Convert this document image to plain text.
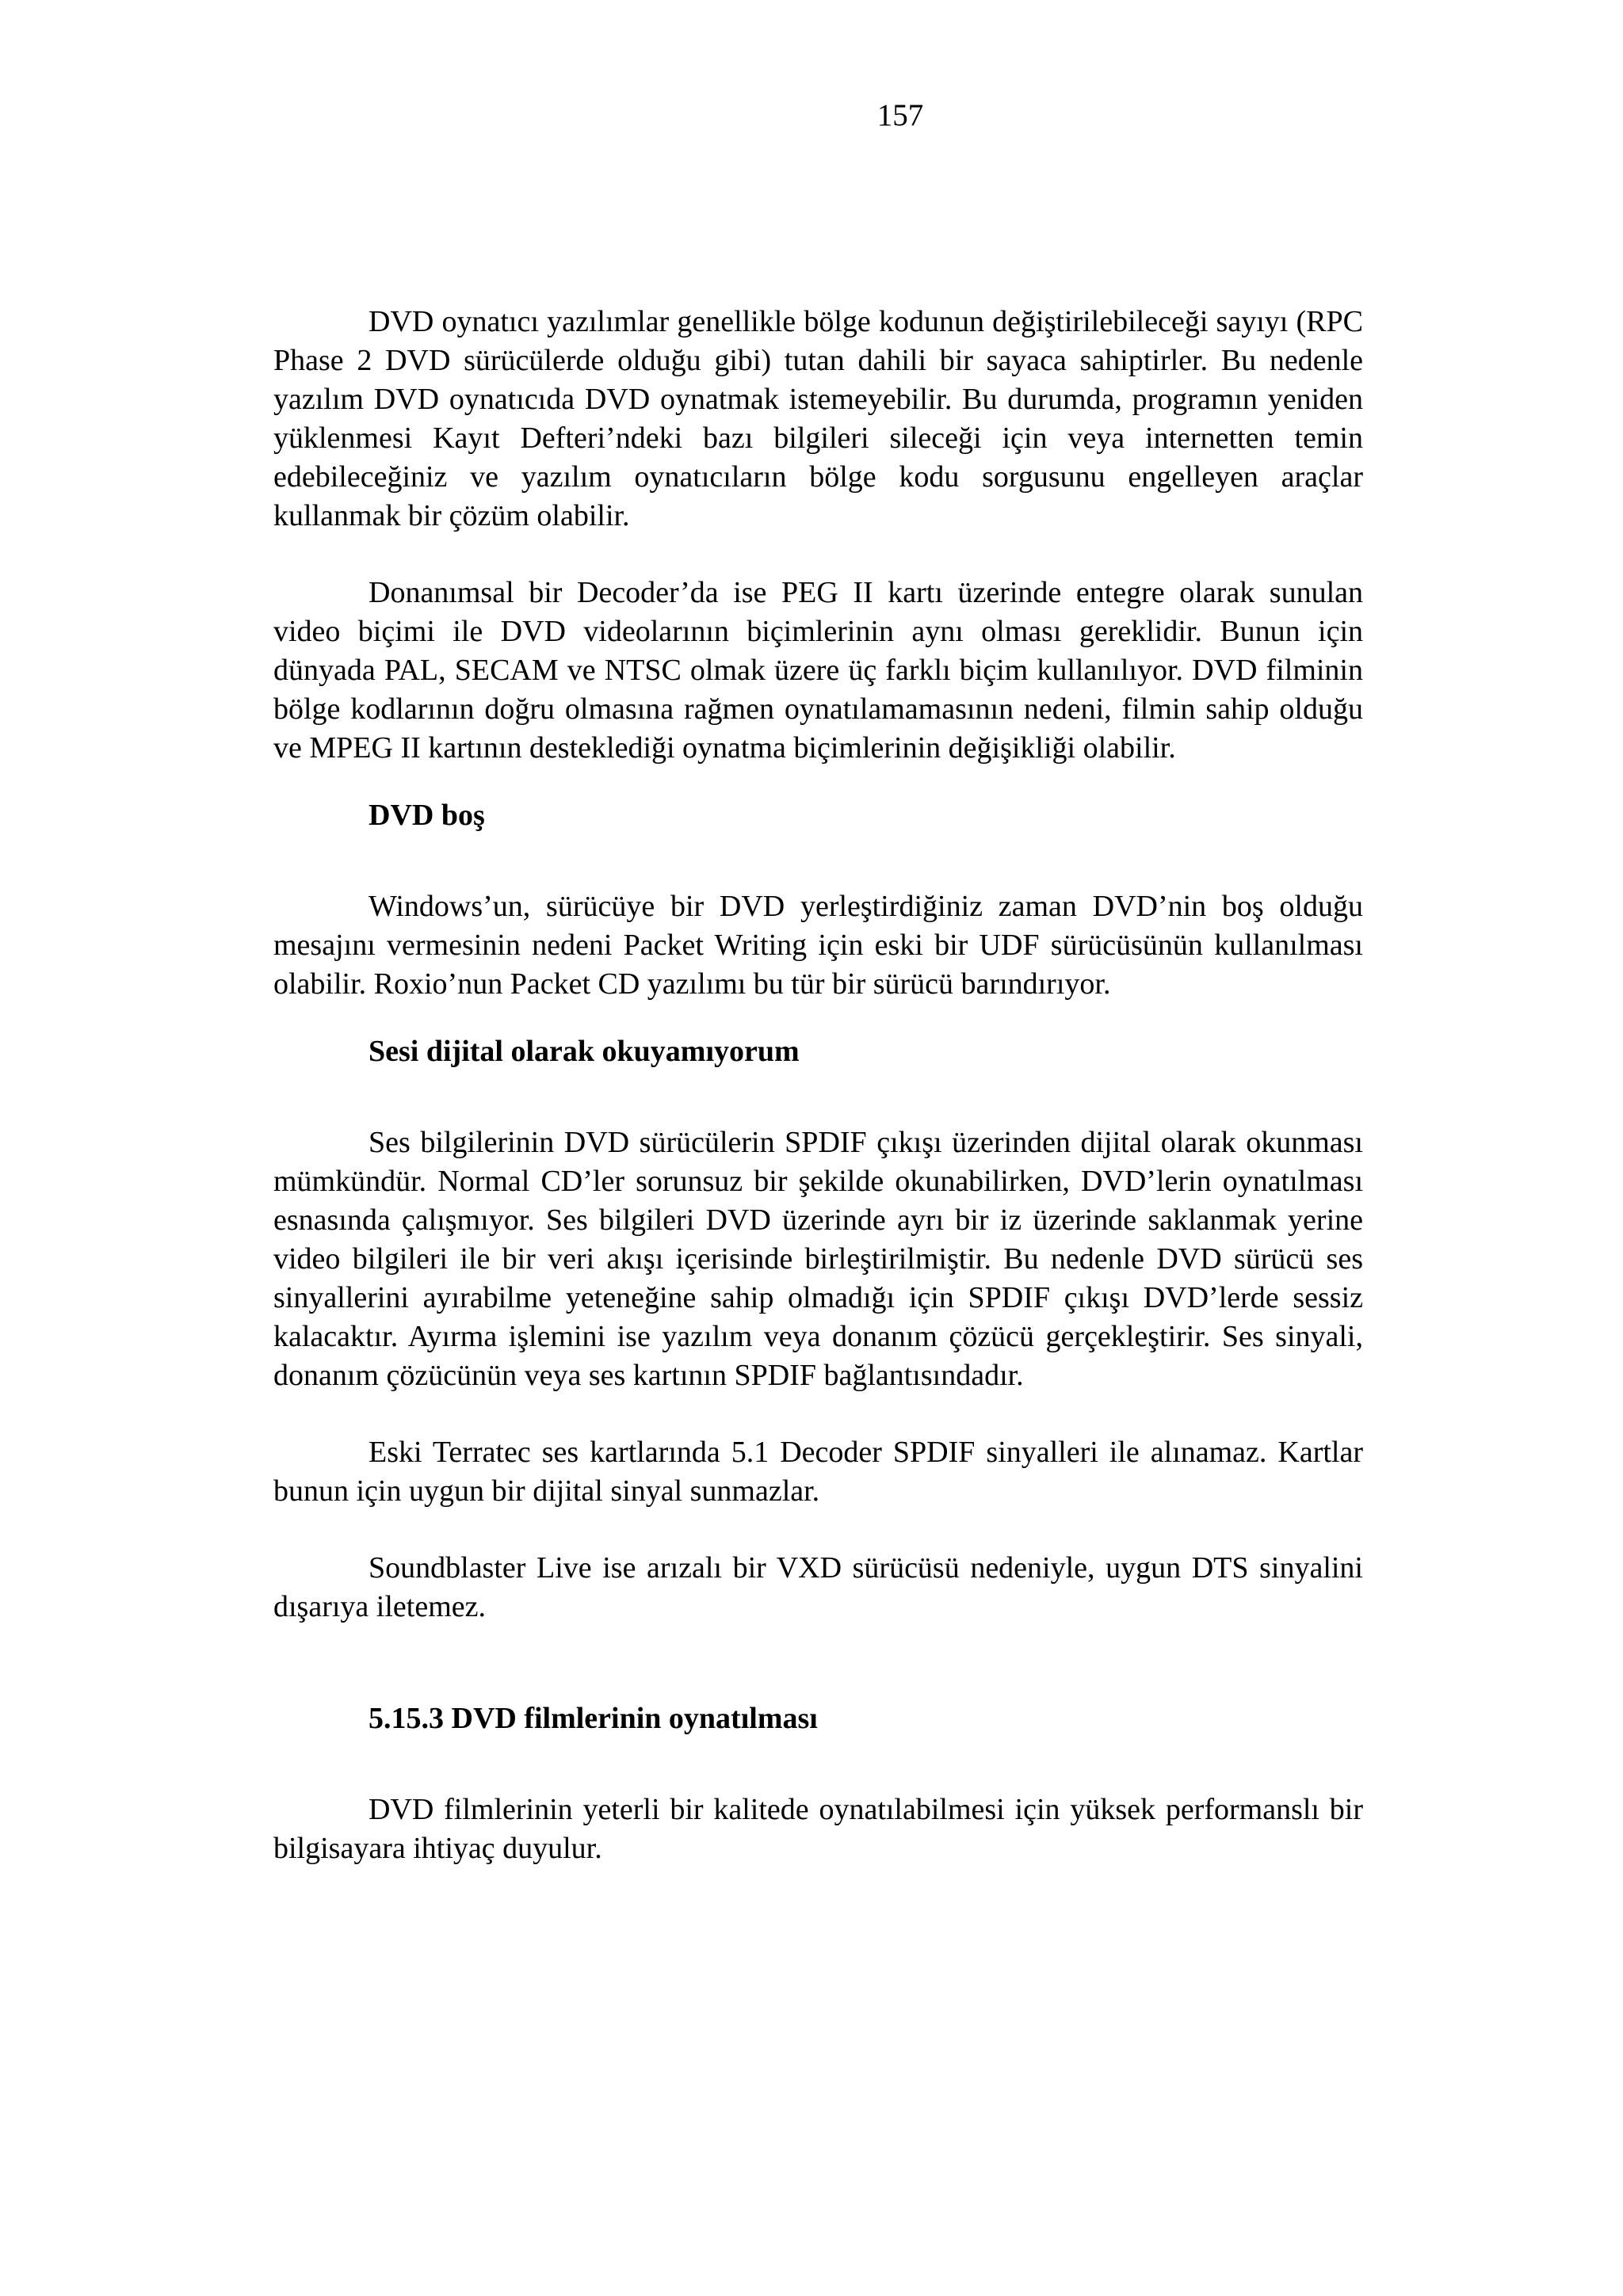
157

DVD oynatıcı yazılımlar genellikle bölge kodunun değiştirilebileceği sayıyı (RPC Phase 2 DVD sürücülerde olduğu gibi) tutan dahili bir sayaca sahiptirler. Bu nedenle yazılım DVD oynatıcıda DVD oynatmak istemeyebilir. Bu durumda, programın yeniden yüklenmesi Kayıt Defteri’ndeki bazı bilgileri sileceği için veya internetten temin edebileceğiniz ve yazılım oynatıcıların bölge kodu sorgusunu engelleyen araçlar kullanmak bir çözüm olabilir.

Donanımsal bir Decoder’da ise PEG II kartı üzerinde entegre olarak sunulan video biçimi ile DVD videolarının biçimlerinin aynı olması gereklidir. Bunun için dünyada PAL, SECAM ve NTSC olmak üzere üç farklı biçim kullanılıyor. DVD filminin bölge kodlarının doğru olmasına rağmen oynatılamamasının nedeni, filmin sahip olduğu ve MPEG II kartının desteklediği oynatma biçimlerinin değişikliği olabilir.

DVD boş

Windows’un, sürücüye bir DVD yerleştirdiğiniz zaman DVD’nin boş olduğu mesajını vermesinin nedeni Packet Writing için eski bir UDF sürücüsünün kullanılması olabilir. Roxio’nun Packet CD yazılımı bu tür bir sürücü barındırıyor.

Sesi dijital olarak okuyamıyorum

Ses bilgilerinin DVD sürücülerin SPDIF çıkışı üzerinden dijital olarak okunması mümkündür. Normal CD’ler sorunsuz bir şekilde okunabilirken, DVD’lerin oynatılması esnasında çalışmıyor. Ses bilgileri DVD üzerinde ayrı bir iz üzerinde saklanmak yerine video bilgileri ile bir veri akışı içerisinde birleştirilmiştir. Bu nedenle DVD sürücü ses sinyallerini ayırabilme yeteneğine sahip olmadığı için SPDIF çıkışı DVD’lerde sessiz kalacaktır. Ayırma işlemini ise yazılım veya donanım çözücü gerçekleştirir. Ses sinyali, donanım çözücünün veya ses kartının SPDIF bağlantısındadır.

Eski Terratec ses kartlarında 5.1 Decoder SPDIF sinyalleri ile alınamaz. Kartlar bunun için uygun bir dijital sinyal sunmazlar.

Soundblaster Live ise arızalı bir VXD sürücüsü nedeniyle, uygun DTS sinyalini dışarıya iletemez.

5.15.3 DVD filmlerinin oynatılması

DVD filmlerinin yeterli bir kalitede oynatılabilmesi için yüksek performanslı bir bilgisayara ihtiyaç duyulur.
